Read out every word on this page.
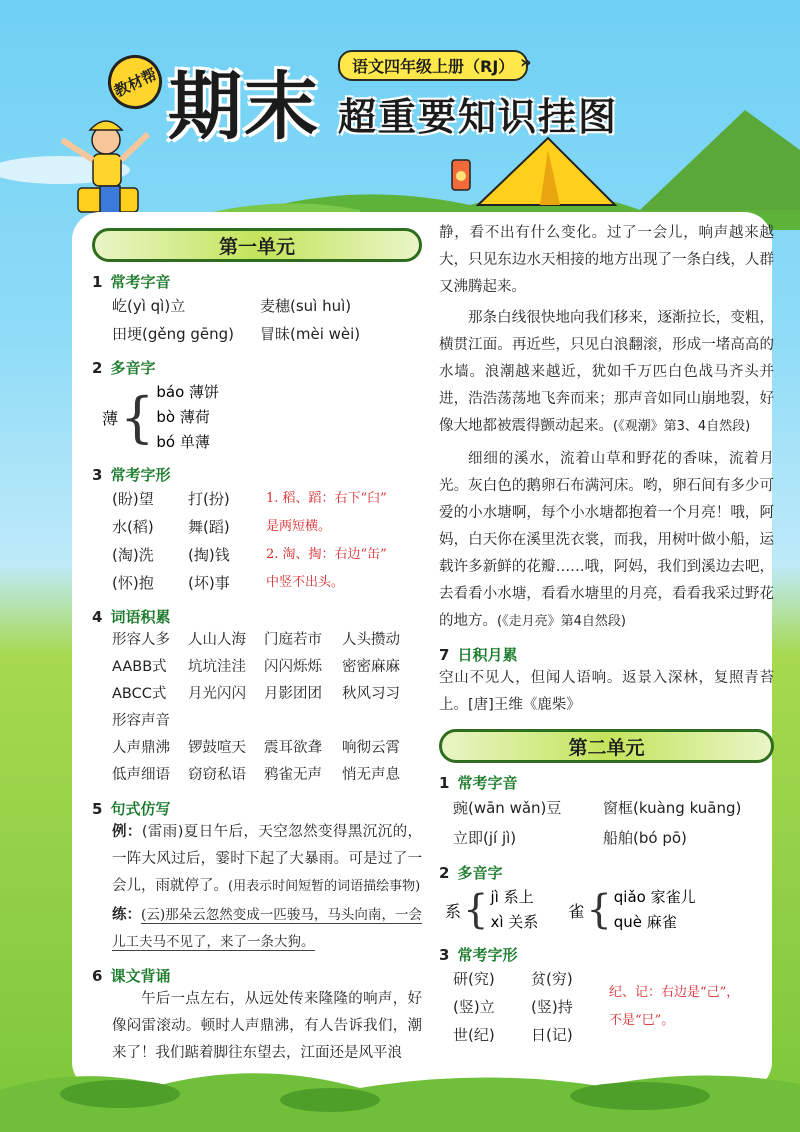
教材帮 期末	语文四年级上册（RJ） »
超重要知识挂图
第一单元
1 常考字音
屹(yì qì)立	麦穗(suì huì)
田埂(gěng gēng)	冒昧(mèi wèi)
2 多音字
薄 { báo 薄饼
bò 薄荷
bó 单薄
3 常考字形
(盼)望	打(扮)
水(稻)	舞(蹈)
(淘)洗	(掏)钱
(怀)抱	(坏)事
1. 稻、蹈：右下“臼”
是两短横。
2. 淘、掏：右边“缶”
中竖不出头。
4 词语积累
形容人多	人山人海	门庭若市	人头攒动
AABB式	坑坑洼洼	闪闪烁烁	密密麻麻
ABCC式	月光闪闪	月影团团	秋风习习
形容声音
人声鼎沸	锣鼓喧天	震耳欲聋	响彻云霄
低声细语	窃窃私语	鸦雀无声	悄无声息
5 句式仿写
例：(雷雨)夏日午后，天空忽然变得黑沉沉的，一阵大风过后，霎时下起了大暴雨。可是过了一会儿，雨就停了。(用表示时间短暂的词语描绘事物)
练：(云)那朵云忽然变成一匹骏马，马头向南，一会儿工夫马不见了，来了一条大狗。
6 课文背诵
午后一点左右，从远处传来隆隆的响声，好像闷雷滚动。顿时人声鼎沸，有人告诉我们，潮来了！我们踮着脚往东望去，江面还是风平浪
静，看不出有什么变化。过了一会儿，响声越来越大，只见东边水天相接的地方出现了一条白线，人群又沸腾起来。
那条白线很快地向我们移来，逐渐拉长，变粗，横贯江面。再近些，只见白浪翻滚，形成一堵高高的水墙。浪潮越来越近，犹如千万匹白色战马齐头并进，浩浩荡荡地飞奔而来；那声音如同山崩地裂，好像大地都被震得颤动起来。(《观潮》第3、4自然段)
细细的溪水，流着山草和野花的香味，流着月光。灰白色的鹅卵石布满河床。哟，卵石间有多少可爱的小水塘啊，每个小水塘都抱着一个月亮！哦，阿妈，白天你在溪里洗衣裳，而我，用树叶做小船，运载许多新鲜的花瓣……哦，阿妈，我们到溪边去吧，去看看小水塘，看看水塘里的月亮，看看我采过野花的地方。(《走月亮》第4自然段)
7 日积月累
空山不见人，但闻人语响。返景入深林，复照青苔上。[唐]王维《鹿柴》
第二单元
1 常考字音
豌(wān wǎn)豆	窗框(kuàng kuāng)
立即(jí jì)	船舶(bó pō)
2 多音字
系 { jì 系上
xì 关系
雀 { qiǎo 家雀儿
què 麻雀
3 常考字形
研(究)	贫(穷)
(竖)立	(竖)持
世(纪)	日(记)
纪、记：右边是“己”，
不是“巳”。
